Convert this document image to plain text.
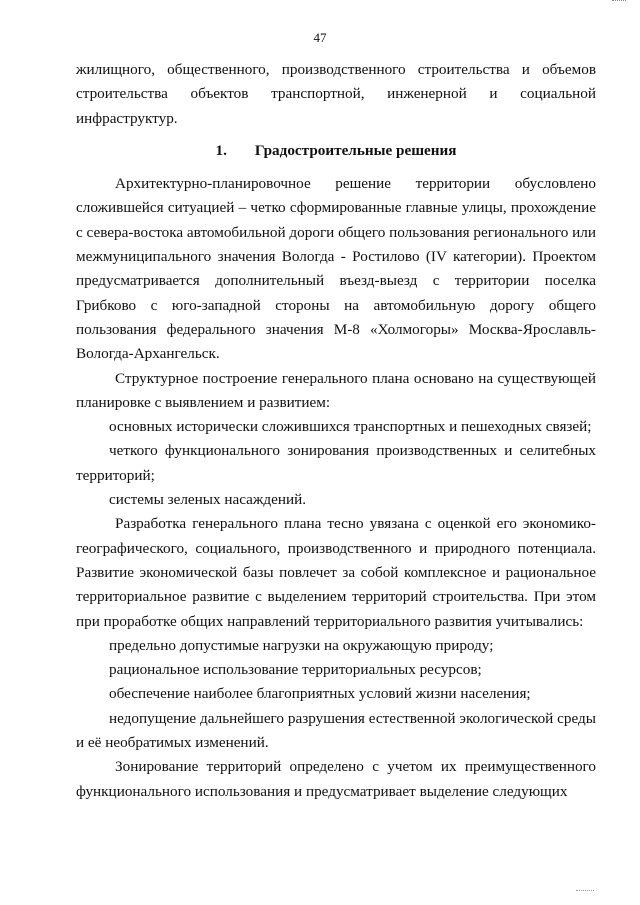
47

жилищного, общественного, производственного строительства и объемов строительства объектов транспортной, инженерной и социальной инфраструктур.

1. Градостроительные решения

Архитектурно-планировочное решение территории обусловлено сложившейся ситуацией – четко сформированные главные улицы, прохождение с севера-востока автомобильной дороги общего пользования регионального или межмуниципального значения Вологда - Ростилово (IV категории). Проектом предусматривается дополнительный въезд-выезд с территории поселка Грибково с юго-западной стороны на автомобильную дорогу общего пользования федерального значения М-8 «Холмогоры» Москва-Ярославль-Вологда-Архангельск.

Структурное построение генерального плана основано на существующей планировке с выявлением и развитием:

основных исторически сложившихся транспортных и пешеходных связей;

четкого функционального зонирования производственных и селитебных территорий;

системы зеленых насаждений.

Разработка генерального плана тесно увязана с оценкой его экономико-географического, социального, производственного и природного потенциала. Развитие экономической базы повлечет за собой комплексное и рациональное территориальное развитие с выделением территорий строительства. При этом при проработке общих направлений территориального развития учитывались:

предельно допустимые нагрузки на окружающую природу;

рациональное использование территориальных ресурсов;

обеспечение наиболее благоприятных условий жизни населения;

недопущение дальнейшего разрушения естественной экологической среды и её необратимых изменений.

Зонирование территорий определено с учетом их преимущественного функционального использования и предусматривает выделение следующих
